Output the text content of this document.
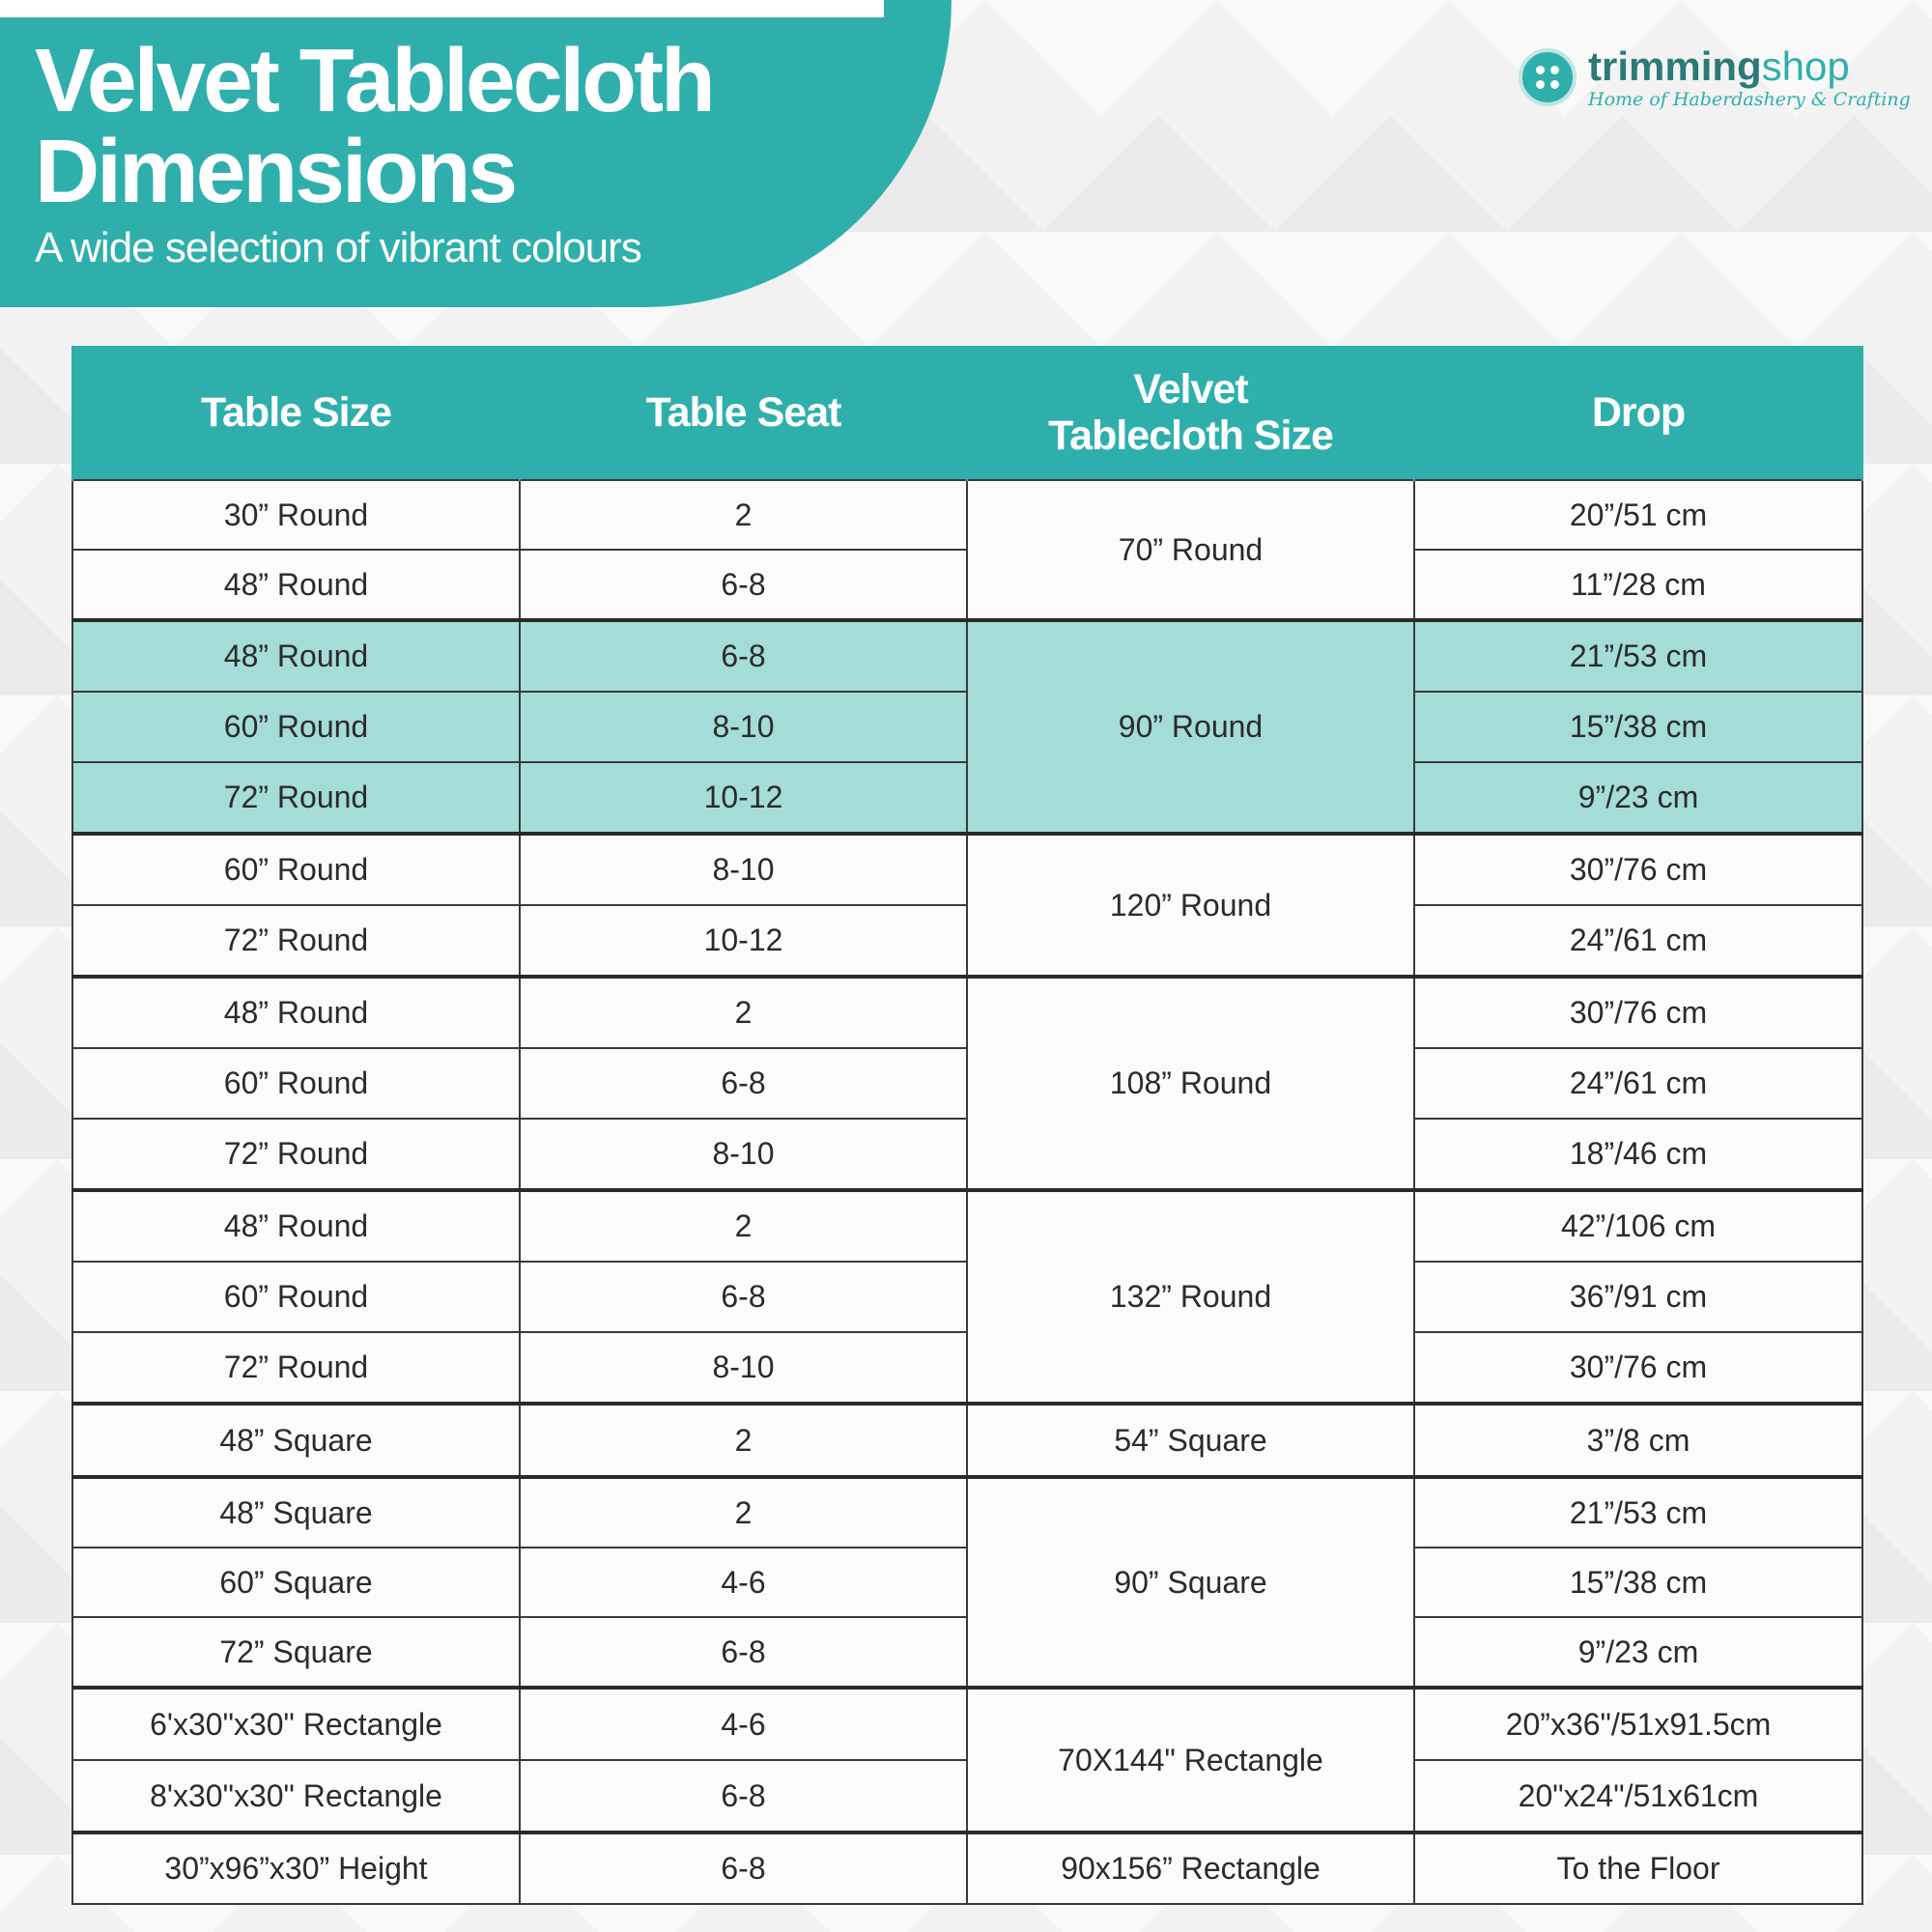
Velvet Tablecloth
Dimensions
A wide selection of vibrant colours
trimmingshop
Home of Haberdashery & Crafting
Table Size	Table Seat	Velvet Tablecloth Size	Drop
30” Round	2	70” Round	20”/51 cm
48” Round	6-8		11”/28 cm
48” Round	6-8	90” Round	21”/53 cm
60” Round	8-10		15”/38 cm
72” Round	10-12		9”/23 cm
60” Round	8-10	120” Round	30”/76 cm
72” Round	10-12		24”/61 cm
48” Round	2	108” Round	30”/76 cm
60” Round	6-8		24”/61 cm
72” Round	8-10		18”/46 cm
48” Round	2	132” Round	42”/106 cm
60” Round	6-8		36”/91 cm
72” Round	8-10		30”/76 cm
48” Square	2	54” Square	3”/8 cm
48” Square	2	90” Square	21”/53 cm
60” Square	4-6		15”/38 cm
72” Square	6-8		9”/23 cm
6'x30"x30" Rectangle	4-6	70X144" Rectangle	20”x36"/51x91.5cm
8'x30"x30" Rectangle	6-8		20"x24"/51x61cm
30”x96”x30” Height	6-8	90x156” Rectangle	To the Floor
